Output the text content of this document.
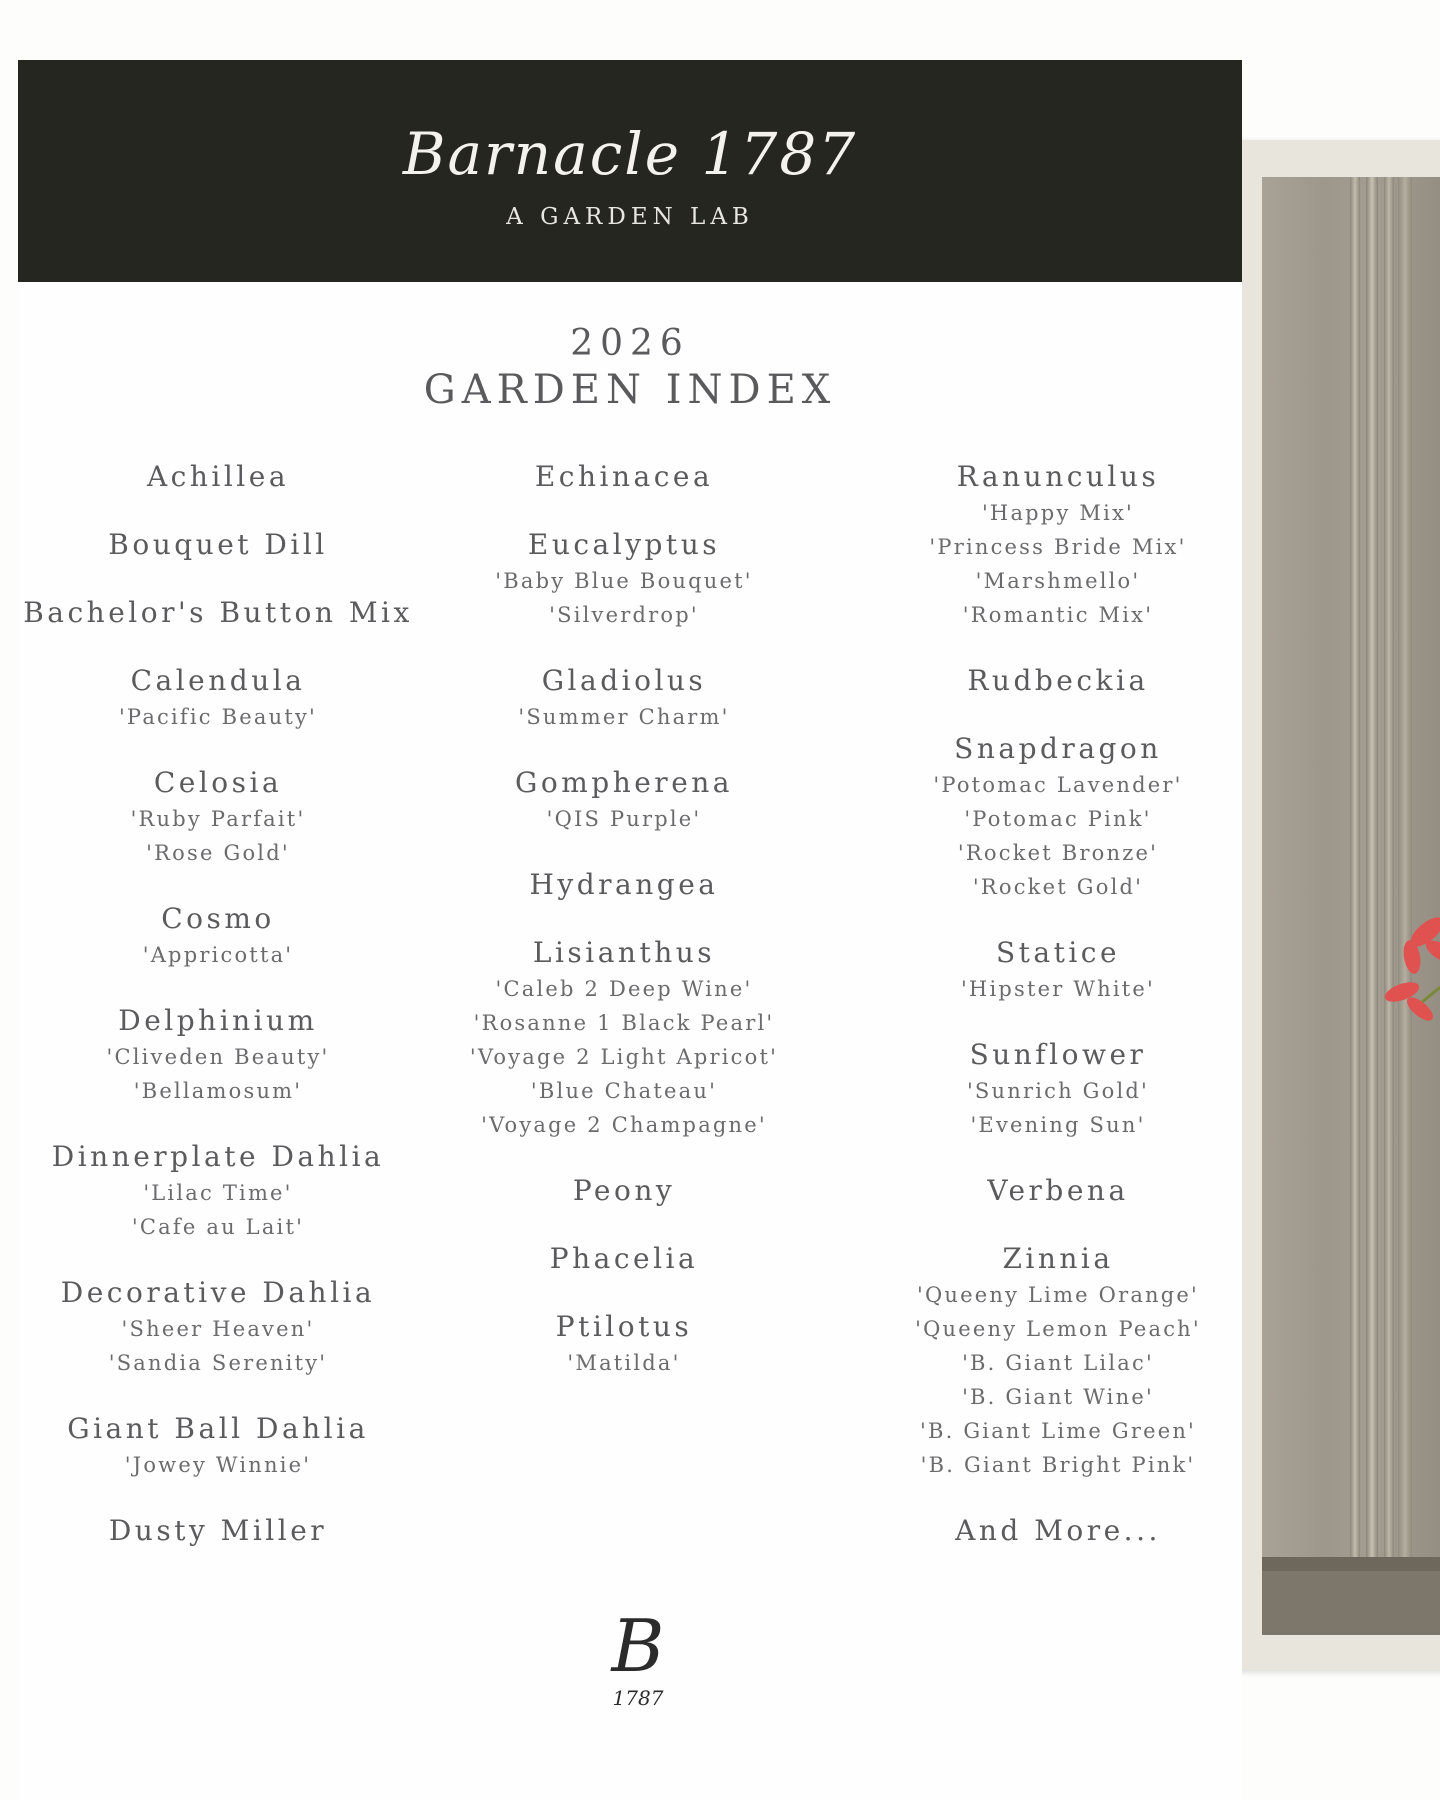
Barnacle 1787
A GARDEN LAB
2026
GARDEN INDEX
Achillea
Bouquet Dill
Bachelor's Button Mix
Calendula
'Pacific Beauty'
Celosia
'Ruby Parfait'
'Rose Gold'
Cosmo
'Appricotta'
Delphinium
'Cliveden Beauty'
'Bellamosum'
Dinnerplate Dahlia
'Lilac Time'
'Cafe au Lait'
Decorative Dahlia
'Sheer Heaven'
'Sandia Serenity'
Giant Ball Dahlia
'Jowey Winnie'
Dusty Miller
Echinacea
Eucalyptus
'Baby Blue Bouquet'
'Silverdrop'
Gladiolus
'Summer Charm'
Gompherena
'QIS Purple'
Hydrangea
Lisianthus
'Caleb 2 Deep Wine'
'Rosanne 1 Black Pearl'
'Voyage 2 Light Apricot'
'Blue Chateau'
'Voyage 2 Champagne'
Peony
Phacelia
Ptilotus
'Matilda'
Ranunculus
'Happy Mix'
'Princess Bride Mix'
'Marshmello'
'Romantic Mix'
Rudbeckia
Snapdragon
'Potomac Lavender'
'Potomac Pink'
'Rocket Bronze'
'Rocket Gold'
Statice
'Hipster White'
Sunflower
'Sunrich Gold'
'Evening Sun'
Verbena
Zinnia
'Queeny Lime Orange'
'Queeny Lemon Peach'
'B. Giant Lilac'
'B. Giant Wine'
'B. Giant Lime Green'
'B. Giant Bright Pink'
And More...
B
1787
